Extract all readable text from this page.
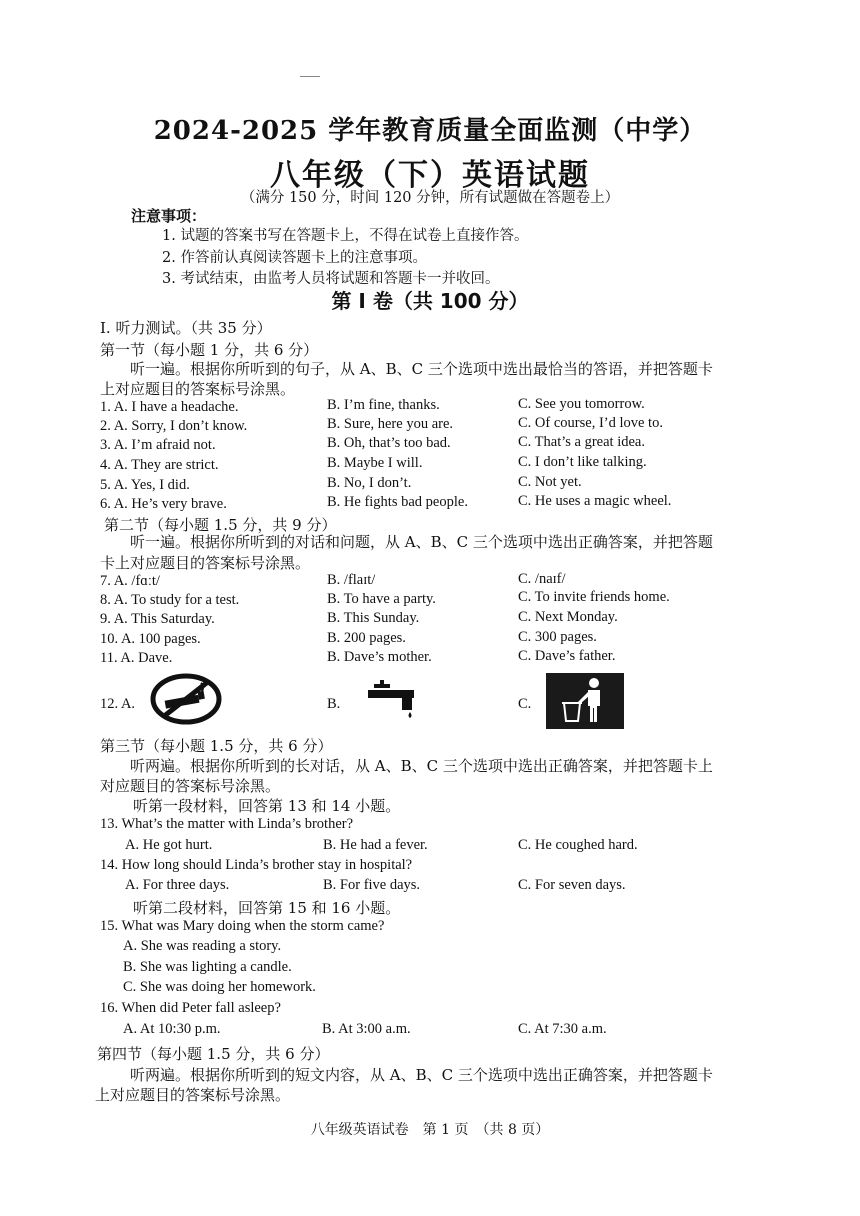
2024-2025 学年教育质量全面监测（中学）
八年级（下）英语试题
（满分 150 分，时间 120 分钟，所有试题做在答题卷上）
注意事项：
1. 试题的答案书写在答题卡上，不得在试卷上直接作答。
2. 作答前认真阅读答题卡上的注意事项。
3. 考试结束，由监考人员将试题和答题卡一并收回。
第 Ⅰ 卷（共 100 分）
Ⅰ. 听力测试。（共 35 分）
第一节（每小题 1 分，共 6 分）
听一遍。根据你所听到的句子，从 A、B、C 三个选项中选出最恰当的答语，并把答题卡
上对应题目的答案标号涂黑。
1. A. I have a headache.	B. I’m fine, thanks.	C. See you tomorrow.
2. A. Sorry, I don’t know.	B. Sure, here you are.	C. Of course, I’d love to.
3. A. I’m afraid not.	B. Oh, that’s too bad.	C. That’s a great idea.
4. A. They are strict.	B. Maybe I will.	C. I don’t like talking.
5. A. Yes, I did.	B. No, I don’t.	C. Not yet.
6. A. He’s very brave.	B. He fights bad people.	C. He uses a magic wheel.
第二节（每小题 1.5 分，共 9 分）
听一遍。根据你所听到的对话和问题，从 A、B、C 三个选项中选出正确答案，并把答题
卡上对应题目的答案标号涂黑。
7. A. /fɑːt/	B. /flaɪt/	C. /naɪf/
8. A. To study for a test.	B. To have a party.	C. To invite friends home.
9. A. This Saturday.	B. This Sunday.	C. Next Monday.
10. A. 100 pages.	B. 200 pages.	C. 300 pages.
11. A. Dave.	B. Dave’s mother.	C. Dave’s father.
12. A.	B.	C.
第三节（每小题 1.5 分，共 6 分）
听两遍。根据你所听到的长对话，从 A、B、C 三个选项中选出正确答案，并把答题卡上
对应题目的答案标号涂黑。
听第一段材料，回答第 13 和 14 小题。
13. What’s the matter with Linda’s brother?
A. He got hurt.	B. He had a fever.	C. He coughed hard.
14. How long should Linda’s brother stay in hospital?
A. For three days.	B. For five days.	C. For seven days.
听第二段材料，回答第 15 和 16 小题。
15. What was Mary doing when the storm came?
A. She was reading a story.
B. She was lighting a candle.
C. She was doing her homework.
16. When did Peter fall asleep?
A. At 10:30 p.m.	B. At 3:00 a.m.	C. At 7:30 a.m.
第四节（每小题 1.5 分，共 6 分）
听两遍。根据你所听到的短文内容，从 A、B、C 三个选项中选出正确答案，并把答题卡
上对应题目的答案标号涂黑。
八年级英语试卷　第 1 页　（共 8 页）
